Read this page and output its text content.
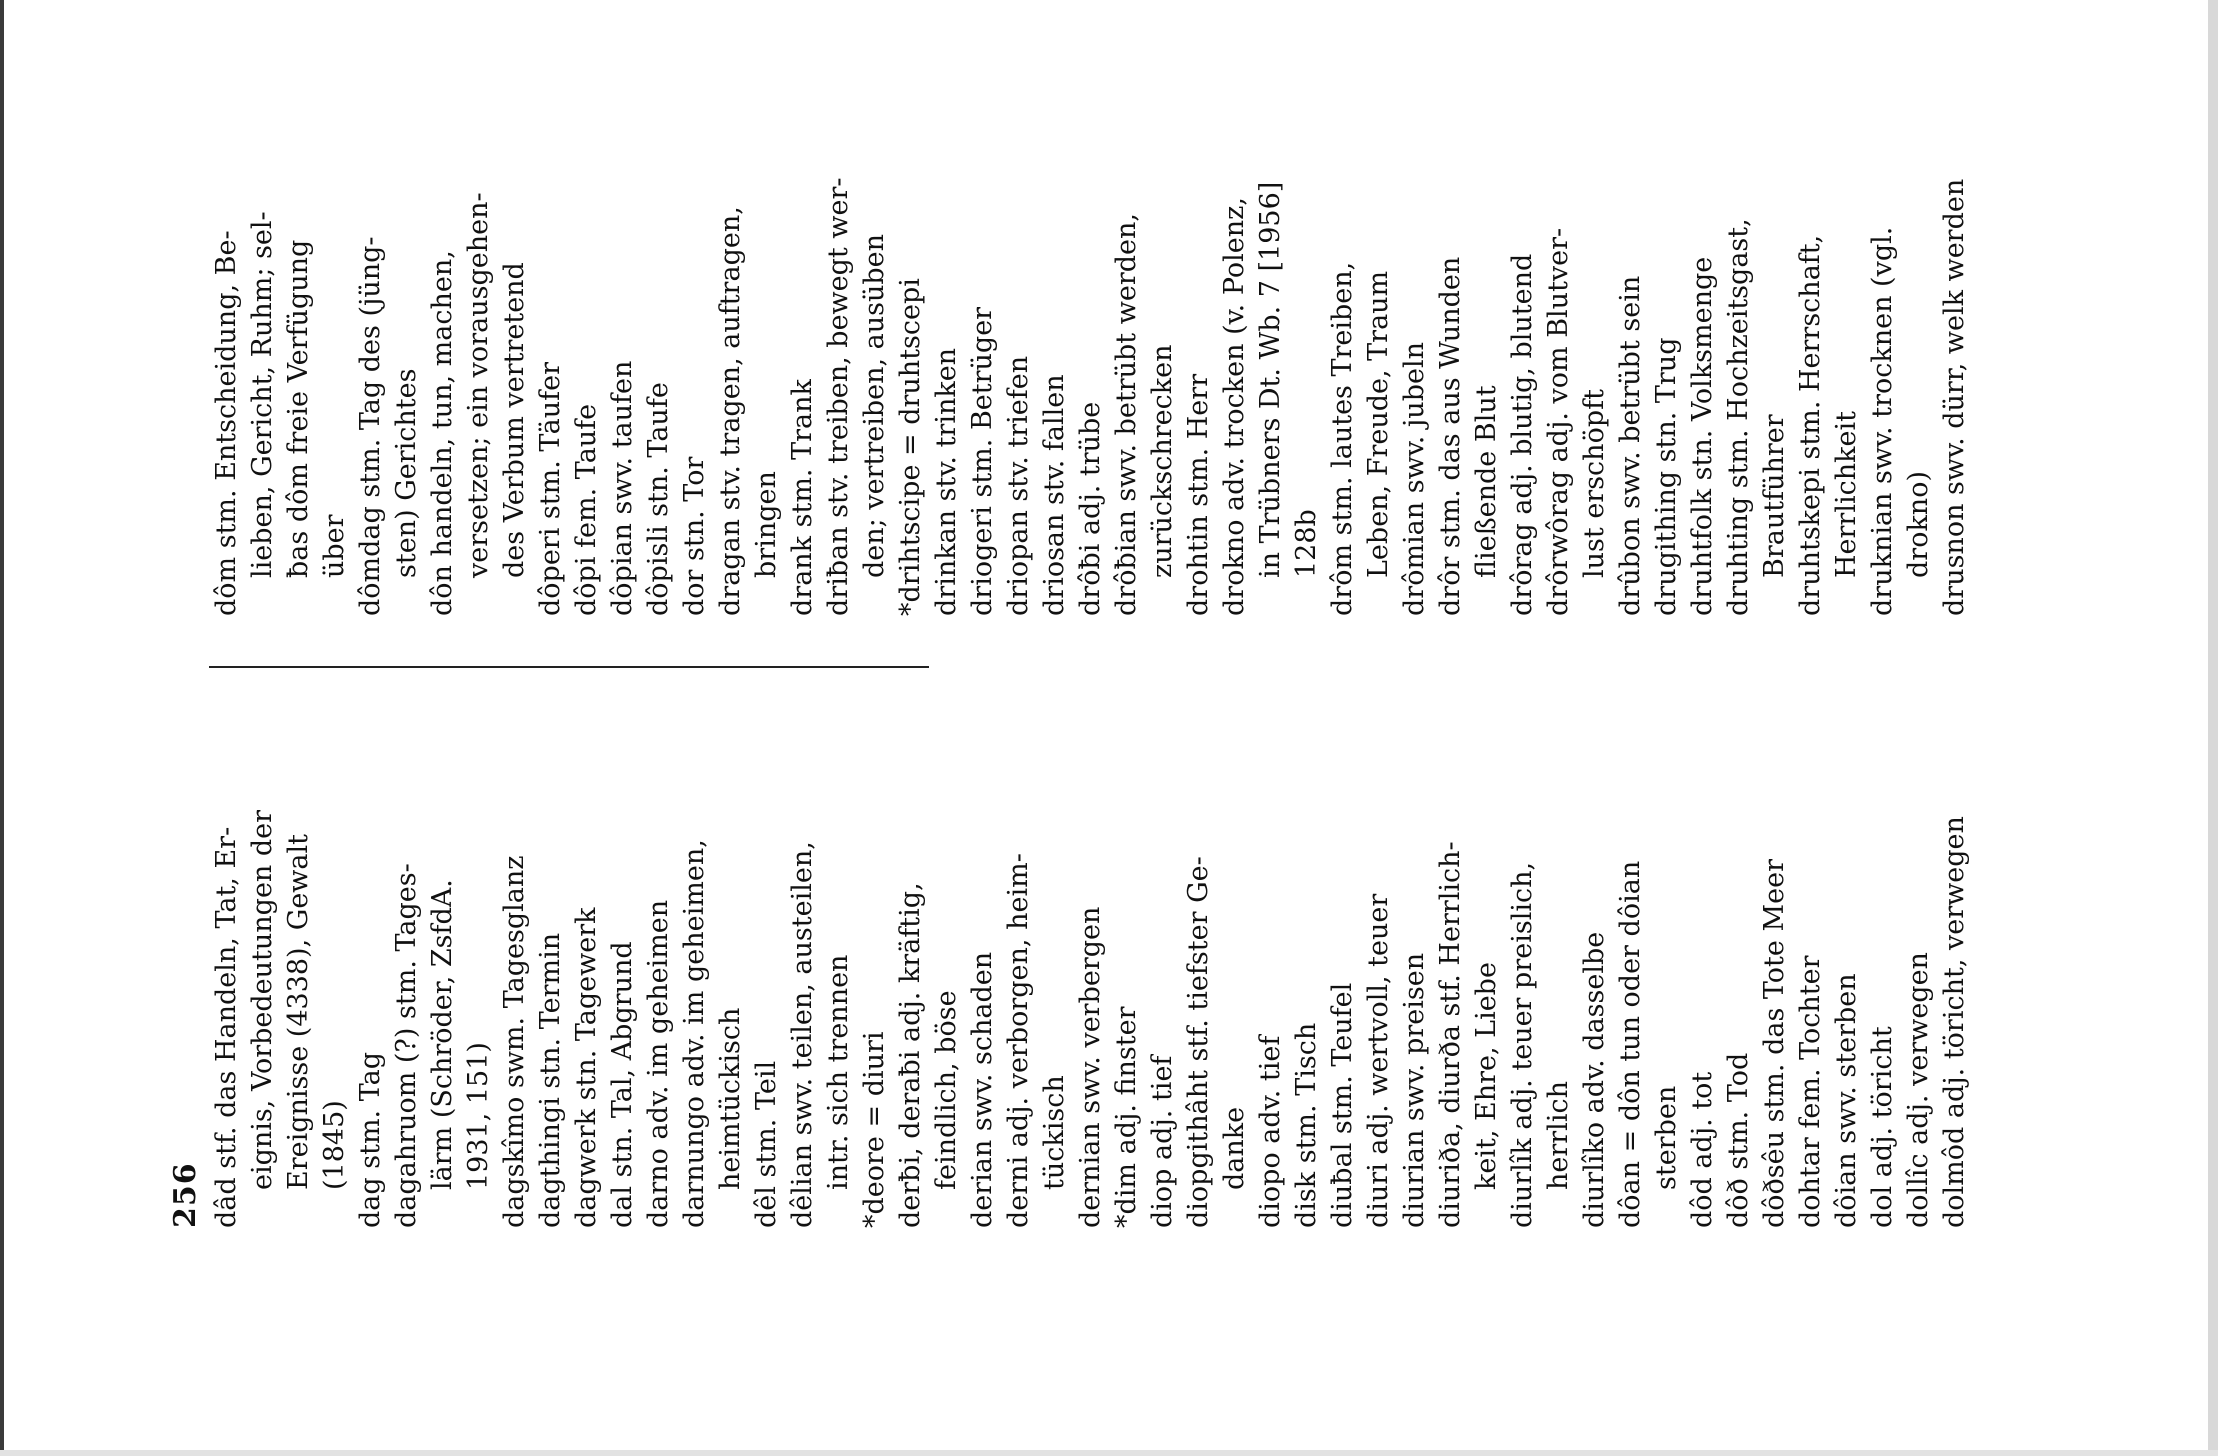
256 dâd stf. das Handeln, Tat, Er- eignis, Vorbedeutungen der Ereignisse (4338), Gewalt (1845) dag stm. Tag dagahruom (?) stm. Tages- lärm (Schröder, ZsfdA. 1931, 151) dagskîmo swm. Tagesglanz dagthingi stn. Termin dagwerk stn. Tagewerk dal stn. Tal, Abgrund darno adv. im geheimen darnungo adv. im geheimen, heimtückisch dêl stm. Teil dêlian swv. teilen, austeilen, intr. sich trennen *deore = diuri derƀi, deraƀi adj. kräftig, feindlich, böse derian swv. schaden derni adj. verborgen, heim- tückisch dernian swv. verbergen *dim adj. finster diop adj. tief diopgithâht stf. tiefster Ge- danke diopo adv. tief disk stm. Tisch diuƀal stm. Teufel diuri adj. wertvoll, teuer diurian swv. preisen diuriða, diurða stf. Herrlich- keit, Ehre, Liebe diurlîk adj. teuer preislich, herrlich diurlîko adv. dasselbe dôan = dôn tun oder dôian sterben dôd adj. tot dôð stm. Tod dôðsêu stm. das Tote Meer dohtar fem. Tochter dôian swv. sterben dol adj. töricht dollîc adj. verwegen dolmôd adj. töricht, verwegen
dôm stm. Entscheidung, Be- lieben, Gericht, Ruhm; sel- ƀas dôm freie Verfügung über dômdag stm. Tag des (jüng- sten) Gerichtes dôn handeln, tun, machen, versetzen; ein vorausgehen- des Verbum vertretend dôperi stm. Täufer dôpi fem. Taufe dôpian swv. taufen dôpisli stn. Taufe dor stn. Tor dragan stv. tragen, auftragen, bringen drank stm. Trank driƀan stv. treiben, bewegt wer- den; vertreiben, ausüben *drihtscipe = druhtscepi drinkan stv. trinken driogeri stm. Betrüger driopan stv. triefen driosan stv. fallen drôƀi adj. trübe drôƀian swv. betrübt werden, zurückschrecken drohtin stm. Herr drokno adv. trocken (v. Polenz, in Trübners Dt. Wb. 7 [1956] 128b drôm stm. lautes Treiben, Leben, Freude, Traum drômian swv. jubeln drôr stm. das aus Wunden fließende Blut drôrag adj. blutig, blutend drôrwôrag adj. vom Blutver- lust erschöpft drûbon swv. betrübt sein drugithing stn. Trug druhtfolk stn. Volksmenge druhting stm. Hochzeitsgast, Brautführer druhtskepi stm. Herrschaft, Herrlichkeit druknian swv. trocknen (vgl. drokno) drusnon swv. dürr, welk werden
